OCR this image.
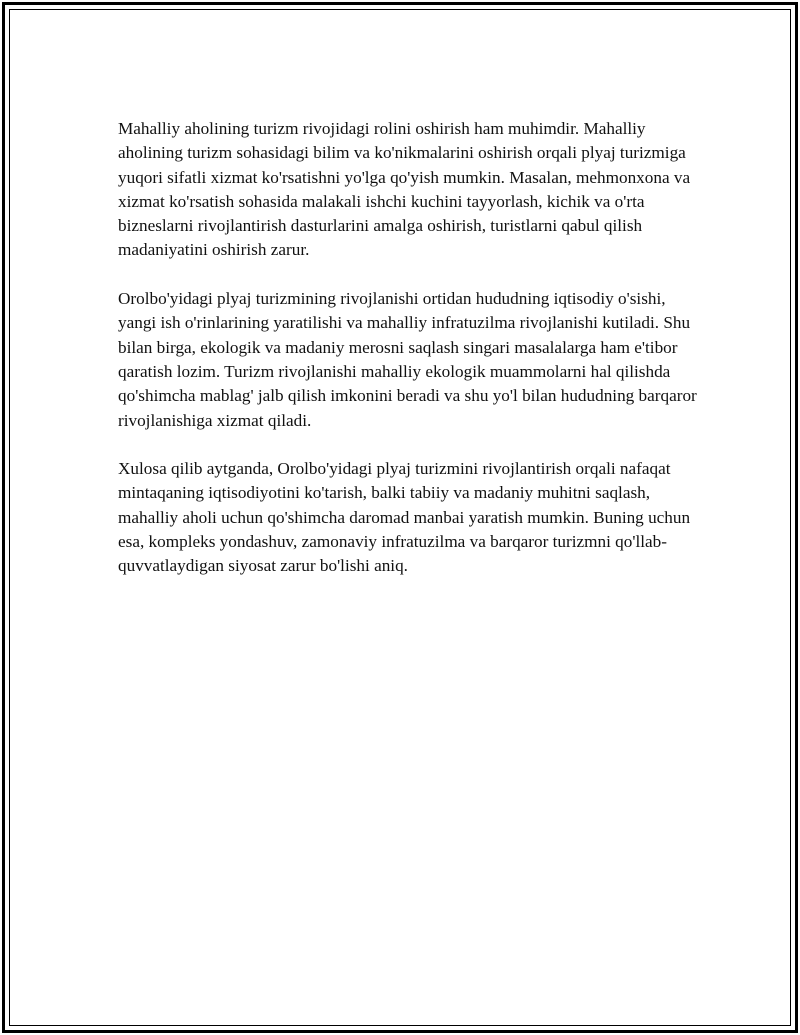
Mahalliy aholining turizm rivojidagi rolini oshirish ham muhimdir. Mahalliy aholining turizm sohasidagi bilim va ko'nikmalarini oshirish orqali plyaj turizmiga yuqori sifatli xizmat ko'rsatishni yo'lga qo'yish mumkin. Masalan, mehmonxona va xizmat ko'rsatish sohasida malakali ishchi kuchini tayyorlash, kichik va o'rta bizneslarni rivojlantirish dasturlarini amalga oshirish, turistlarni qabul qilish madaniyatini oshirish zarur.

Orolbo'yidagi plyaj turizmining rivojlanishi ortidan hududning iqtisodiy o'sishi, yangi ish o'rinlarining yaratilishi va mahalliy infratuzilma rivojlanishi kutiladi. Shu bilan birga, ekologik va madaniy merosni saqlash singari masalalarga ham e'tibor qaratish lozim. Turizm rivojlanishi mahalliy ekologik muammolarni hal qilishda qo'shimcha mablag' jalb qilish imkonini beradi va shu yo'l bilan hududning barqaror rivojlanishiga xizmat qiladi.

Xulosa qilib aytganda, Orolbo'yidagi plyaj turizmini rivojlantirish orqali nafaqat mintaqaning iqtisodiyotini ko'tarish, balki tabiiy va madaniy muhitni saqlash, mahalliy aholi uchun qo'shimcha daromad manbai yaratish mumkin. Buning uchun esa, kompleks yondashuv, zamonaviy infratuzilma va barqaror turizmni qo'llab-quvvatlaydigan siyosat zarur bo'lishi aniq.
